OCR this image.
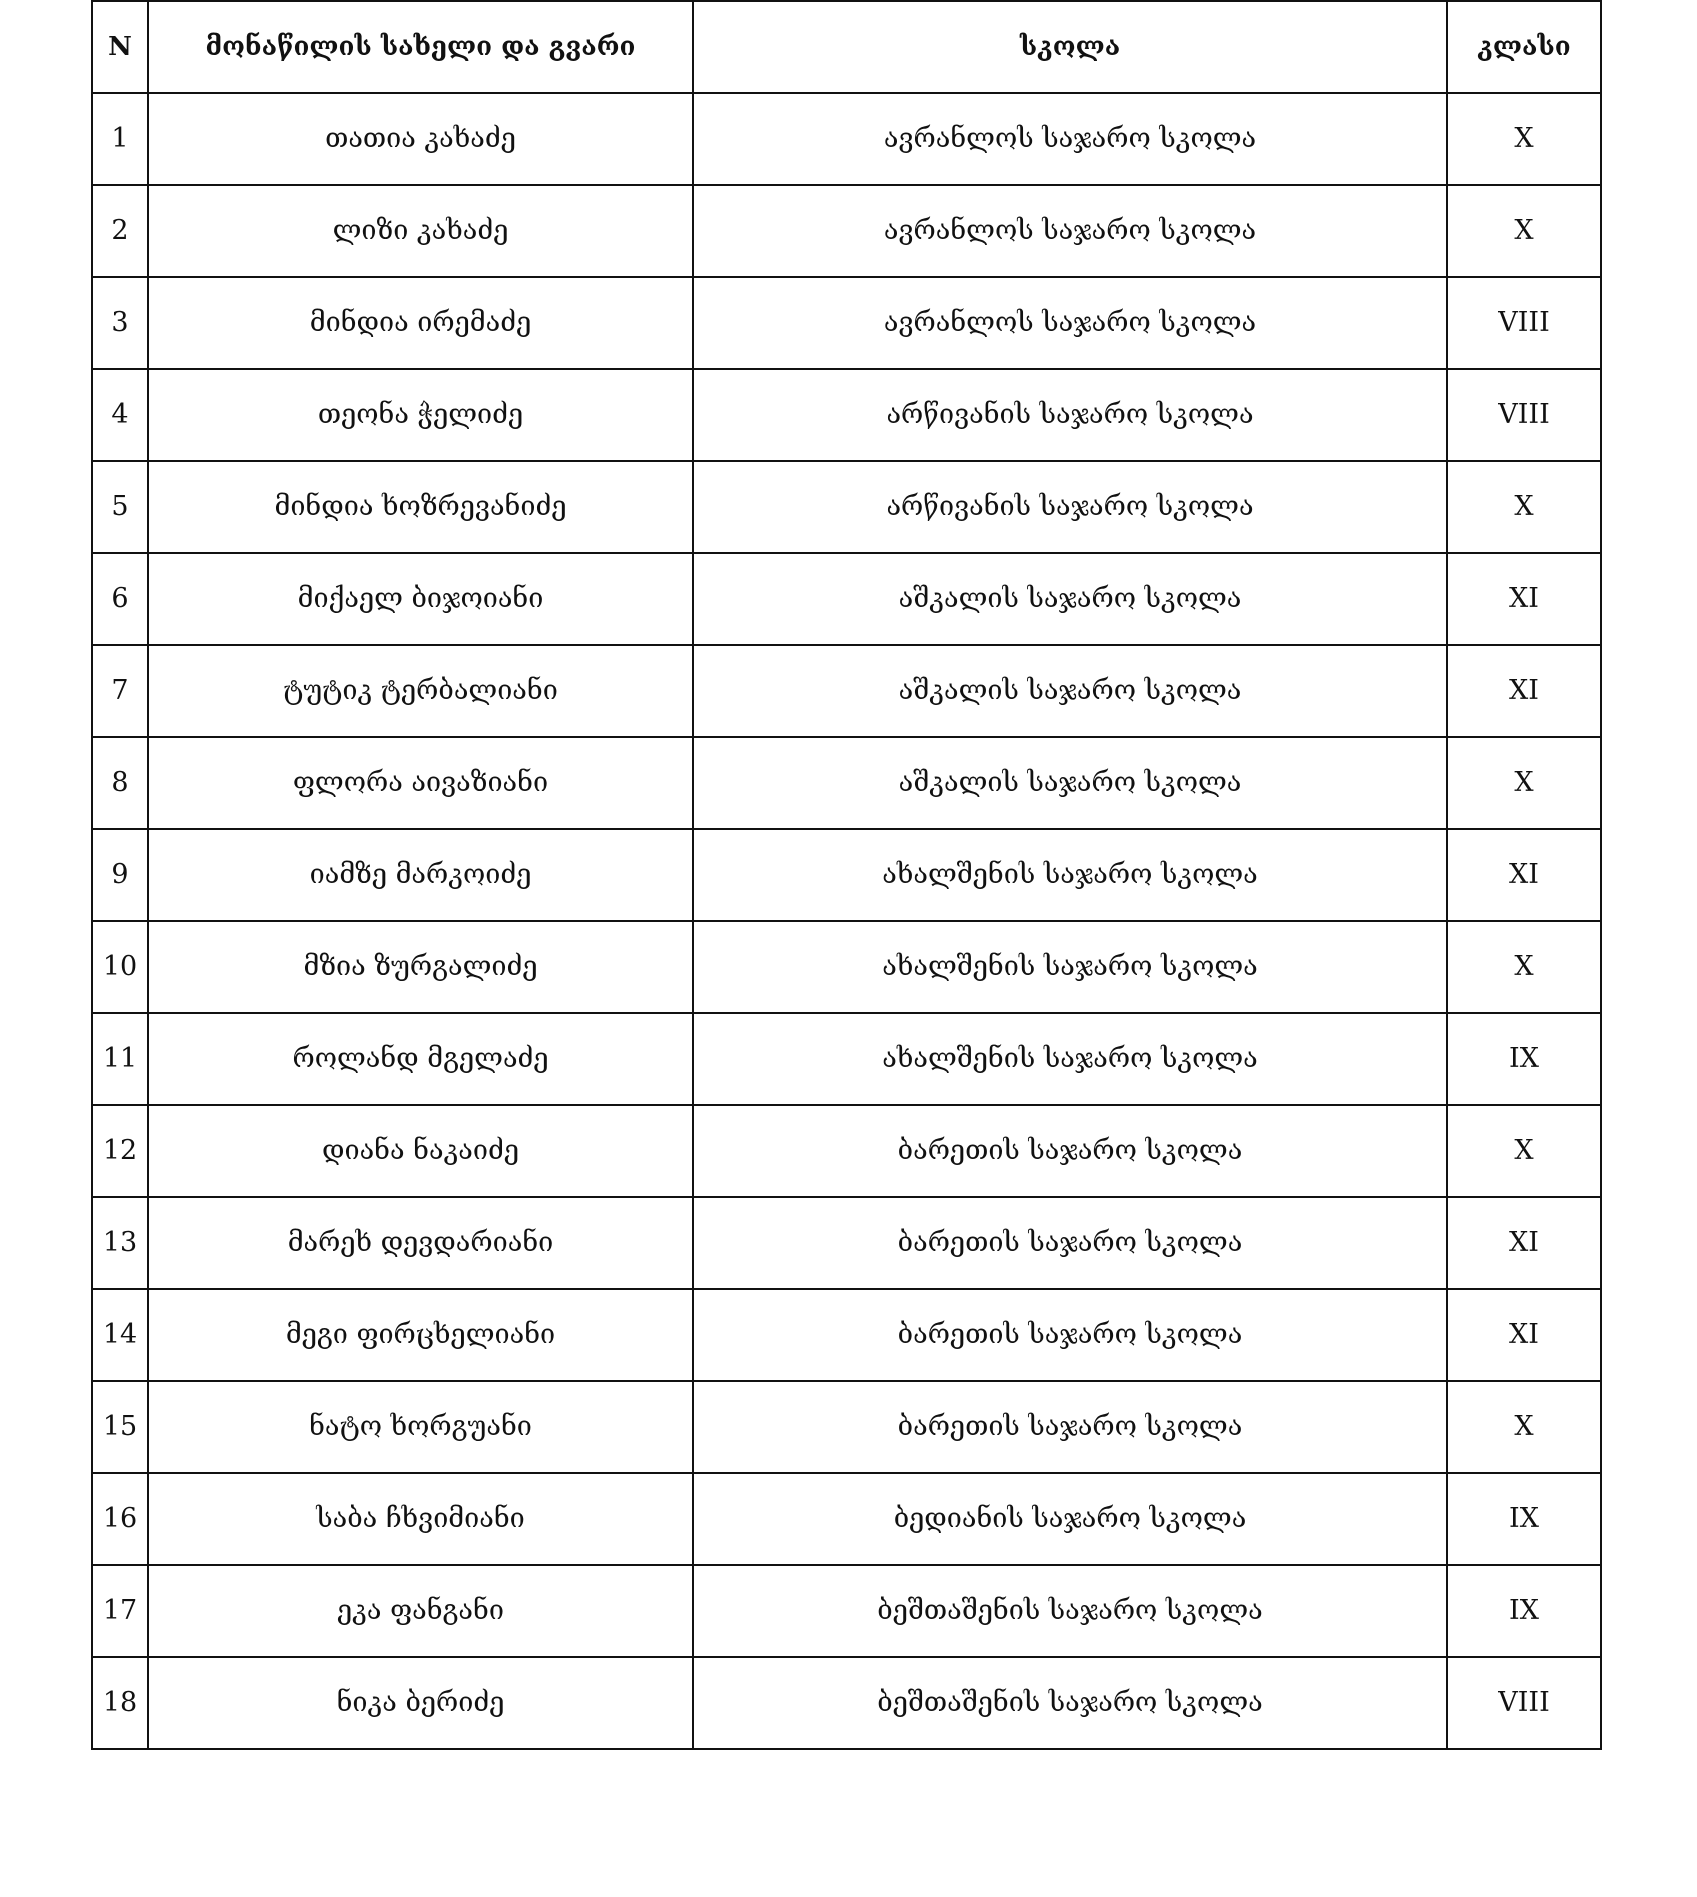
N	მონაწილის სახელი და გვარი	სკოლა	კლასი
1	თათია კახაძე	ავრანლოს საჯარო სკოლა	X
2	ლიზი კახაძე	ავრანლოს საჯარო სკოლა	X
3	მინდია ირემაძე	ავრანლოს საჯარო სკოლა	VIII
4	თეონა ჭელიძე	არწივანის საჯარო სკოლა	VIII
5	მინდია ხოზრევანიძე	არწივანის საჯარო სკოლა	X
6	მიქაელ ბიჯოიანი	აშკალის საჯარო სკოლა	XI
7	ტუტიკ ტერბალიანი	აშკალის საჯარო სკოლა	XI
8	ფლორა აივაზიანი	აშკალის საჯარო სკოლა	X
9	იამზე მარკოიძე	ახალშენის საჯარო სკოლა	XI
10	მზია ზურგალიძე	ახალშენის საჯარო სკოლა	X
11	როლანდ მგელაძე	ახალშენის საჯარო სკოლა	IX
12	დიანა ნაკაიძე	ბარეთის საჯარო სკოლა	X
13	მარეხ დევდარიანი	ბარეთის საჯარო სკოლა	XI
14	მეგი ფირცხელიანი	ბარეთის საჯარო სკოლა	XI
15	ნატო ხორგუანი	ბარეთის საჯარო სკოლა	X
16	საბა ჩხვიმიანი	ბედიანის საჯარო სკოლა	IX
17	ეკა ფანგანი	ბეშთაშენის საჯარო სკოლა	IX
18	ნიკა ბერიძე	ბეშთაშენის საჯარო სკოლა	VIII
